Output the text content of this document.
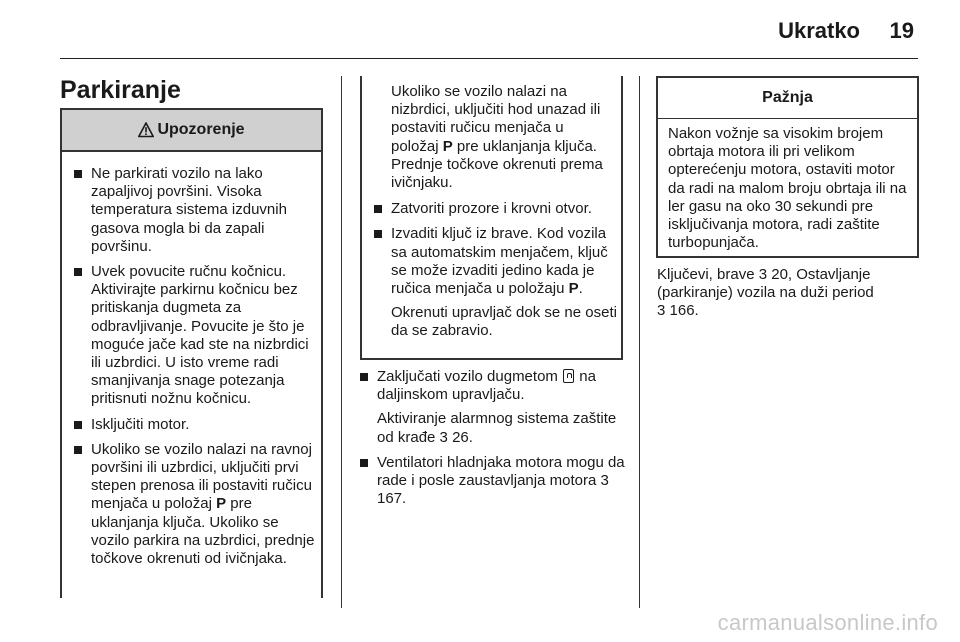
Ukratko 19
Parkiranje
Upozorenje
Ne parkirati vozilo na lako zapaljivoj površini. Visoka temperatura sistema izduvnih gasova mogla bi da zapali površinu.
Uvek povucite ručnu kočnicu. Aktivirajte parkirnu kočnicu bez pritiskanja dugmeta za odbravljivanje. Povucite je što je moguće jače kad ste na nizbrdici ili uzbrdici. U isto vreme radi smanjivanja snage potezanja pritisnuti nožnu kočnicu.
Isključiti motor.
Ukoliko se vozilo nalazi na ravnoj površini ili uzbrdici, uključiti prvi stepen prenosa ili postaviti ručicu menjača u položaj P pre uklanjanja ključa. Ukoliko se vozilo parkira na uzbrdici, prednje točkove okrenuti od ivičnjaka.
Ukoliko se vozilo nalazi na nizbrdici, uključiti hod unazad ili postaviti ručicu menjača u položaj P pre uklanjanja ključa. Prednje točkove okrenuti prema ivičnjaku.
Zatvoriti prozore i krovni otvor.
Izvaditi ključ iz brave. Kod vozila sa automatskim menjačem, ključ se može izvaditi jedino kada je ručica menjača u položaju P.
Okrenuti upravljač dok se ne oseti da se zabravio.
Zaključati vozilo dugmetom  na daljinskom upravljaču.
Aktiviranje alarmnog sistema zaštite od krađe 3 26.
Ventilatori hladnjaka motora mogu da rade i posle zaustavljanja motora 3 167.
Pažnja
Nakon vožnje sa visokim brojem obrtaja motora ili pri velikom opterećenju motora, ostaviti motor da radi na malom broju obrtaja ili na ler gasu na oko 30 sekundi pre isključivanja motora, radi zaštite turbopunjača.
Ključevi, brave 3 20, Ostavljanje (parkiranje) vozila na duži period
3 166.
carmanualsonline.info
